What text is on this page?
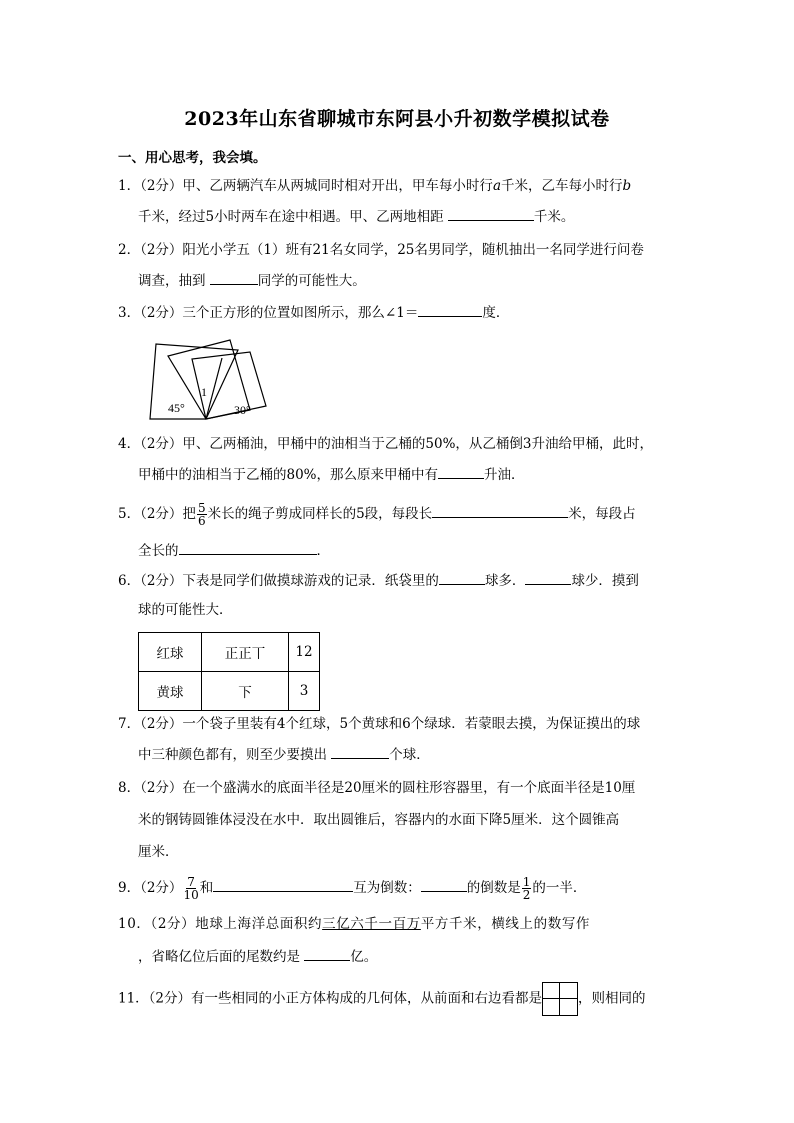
2023年山东省聊城市东阿县小升初数学模拟试卷
一、用心思考，我会填。
1．（2分）甲、乙两辆汽车从两城同时相对开出，甲车每小时行a千米，乙车每小时行b
千米，经过5小时两车在途中相遇。甲、乙两地相距	千米。
2．（2分）阳光小学五（1）班有21名女同学，25名男同学，随机抽出一名同学进行问卷
调查，抽到	同学的可能性大。
3．（2分）三个正方形的位置如图所示，那么∠1＝	度．
45°
1
30°
4．（2分）甲、乙两桶油，甲桶中的油相当于乙桶的50%，从乙桶倒3升油给甲桶，此时，
甲桶中的油相当于乙桶的80%，那么原来甲桶中有	升油．
5．（2分）把 $\frac{5}{6}$ 米长的绳子剪成同样长的5段，每段长	米，每段占
全长的	．
6．（2分）下表是同学们做摸球游戏的记录．纸袋里的	球多．	球少．摸到
球的可能性大．
红球	正正丅	12
黄球	下	3
7．（2分）一个袋子里装有4个红球，5个黄球和6个绿球．若蒙眼去摸，为保证摸出的球
中三种颜色都有，则至少要摸出	个球．
8．（2分）在一个盛满水的底面半径是20厘米的圆柱形容器里，有一个底面半径是10厘
米的钢铸圆锥体浸没在水中．取出圆锥后，容器内的水面下降5厘米．这个圆锥高
厘米．
9．（2分） $\frac{7}{10}$ 和	互为倒数：	的倒数是 $\frac{1}{2}$ 的一半．
10．（2分）地球上海洋总面积约三亿六千一百万平方千米，横线上的数写作
，省略亿位后面的尾数约是	亿。
11．（2分）有一些相同的小正方体构成的几何体，从前面和右边看都是	，则相同的
